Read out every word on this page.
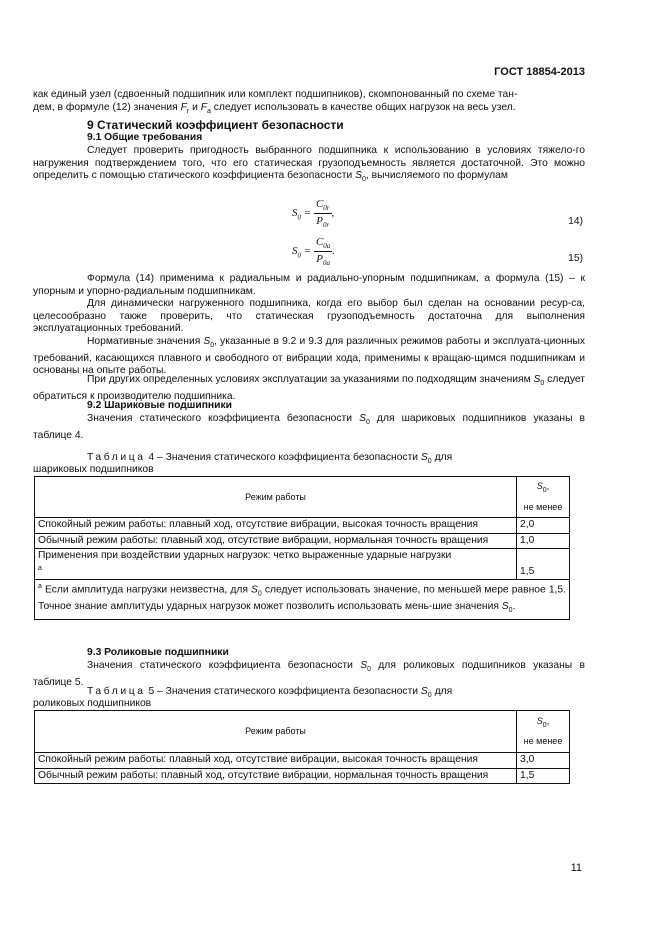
ГОСТ 18854-2013
как единый узел (сдвоенный подшипник или комплект подшипников), скомпонованный по схеме тан-
дем, в формуле (12) значения $F_r$ и $F_a$ следует использовать в качестве общих нагрузок на весь узел.
9 Статический коэффициент безопасности
9.1 Общие требования
Следует проверить пригодность выбранного подшипника к использованию в условиях тяжело-го нагружения подтверждением того, что его статическая грузоподъемность является достаточной. Это можно определить с помощью статического коэффициента безопасности $S_0$, вычисляемого по формулам
$S_0 = \frac{C_{0r}}{P_{0r}}$ ,
14)
$S_0 = \frac{C_{0a}}{P_{0a}}$ .
15)
Формула (14) применима к радиальным и радиально-упорным подшипникам, а формула (15) – к упорным и упорно-радиальным подшипникам.
Для динамически нагруженного подшипника, когда его выбор был сделан на основании ресур-са, целесообразно также проверить, что статическая грузоподъемность достаточна для выполнения эксплуатационных требований.
Нормативные значения $S_0$, указанные в 9.2 и 9.3 для различных режимов работы и эксплуата-ционных требований, касающихся плавного и свободного от вибрации хода, применимы к вращаю-щимся подшипникам и основаны на опыте работы.
При других определенных условиях эксплуатации за указаниями по подходящим значениям $S_0$ следует обратиться к производителю подшипника.
9.2 Шариковые подшипники
Значения статического коэффициента безопасности $S_0$ для шариковых подшипников указаны в таблице 4.
Таблица 4 – Значения статического коэффициента безопасности $S_0$ для
шариковых подшипников
Режим работы	$S_0$,
не менее
Спокойный режим работы: плавный ход, отсутствие вибрации, высокая точность вращения	2,0
Обычный режим работы: плавный ход, отсутствие вибрации, нормальная точность вращения	1,0
Применения при воздействии ударных нагрузок: четко выраженные ударные нагрузки
$^a$	1,5
$^a$ Если амплитуда нагрузки неизвестна, для $S_0$ следует использовать значение, по меньшей мере равное 1,5. Точное знание амплитуды ударных нагрузок может позволить использовать мень-шие значения $S_0$.	
9.3 Роликовые подшипники
Значения статического коэффициента безопасности $S_0$ для роликовых подшипников указаны в таблице 5.
Таблица 5 – Значения статического коэффициента безопасности $S_0$ для
роликовых подшипников
Режим работы	$S_0$,
не менее
Спокойный режим работы: плавный ход, отсутствие вибрации, высокая точность вращения	3,0
Обычный режим работы: плавный ход, отсутствие вибрации, нормальная точность вращения	1,5
11
